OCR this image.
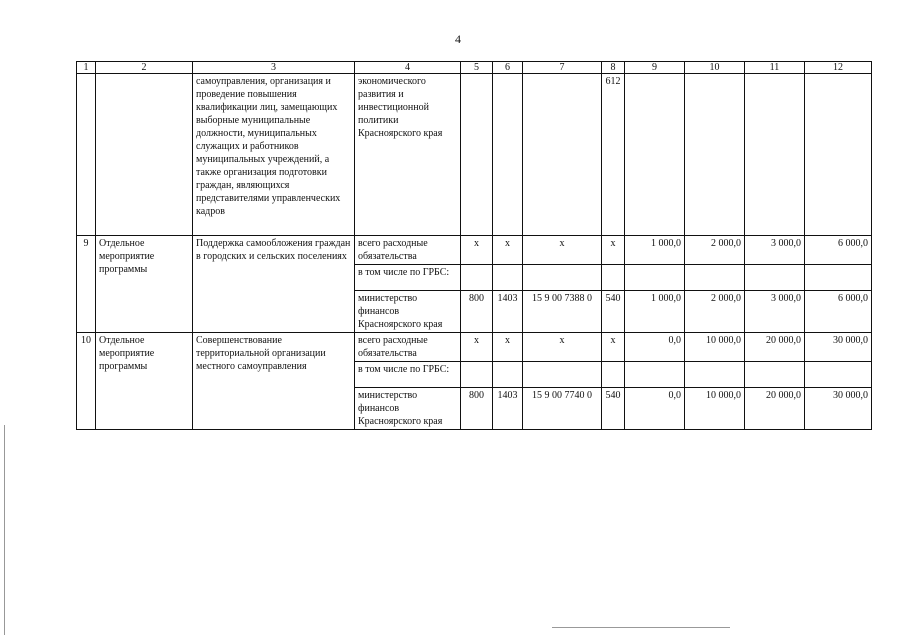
4
1	2	3	4	5	6	7	8	9	10	11	12
		самоуправления, организация и проведение повышения квалификации лиц, замещающих выборные муниципальные должности, муниципальных служащих и работников муниципальных учреждений, а также организация подготовки граждан, являющихся представителями управленческих кадров	экономического развития и инвестиционной политики Красноярского края				612				
9	Отдельное мероприятие программы	Поддержка самообложения граждан в городских и сельских поселениях	всего расходные обязательства	х	х	х	х	1 000,0	2 000,0	3 000,0	6 000,0
			в том числе по ГРБС:								
			министерство финансов Красноярского края	800	1403	15 9 00 7388 0	540	1 000,0	2 000,0	3 000,0	6 000,0
10	Отдельное мероприятие программы	Совершенствование территориальной организации местного самоуправления	всего расходные обязательства	х	х	х	х	0,0	10 000,0	20 000,0	30 000,0
			в том числе по ГРБС:								
			министерство финансов Красноярского края	800	1403	15 9 00 7740 0	540	0,0	10 000,0	20 000,0	30 000,0
